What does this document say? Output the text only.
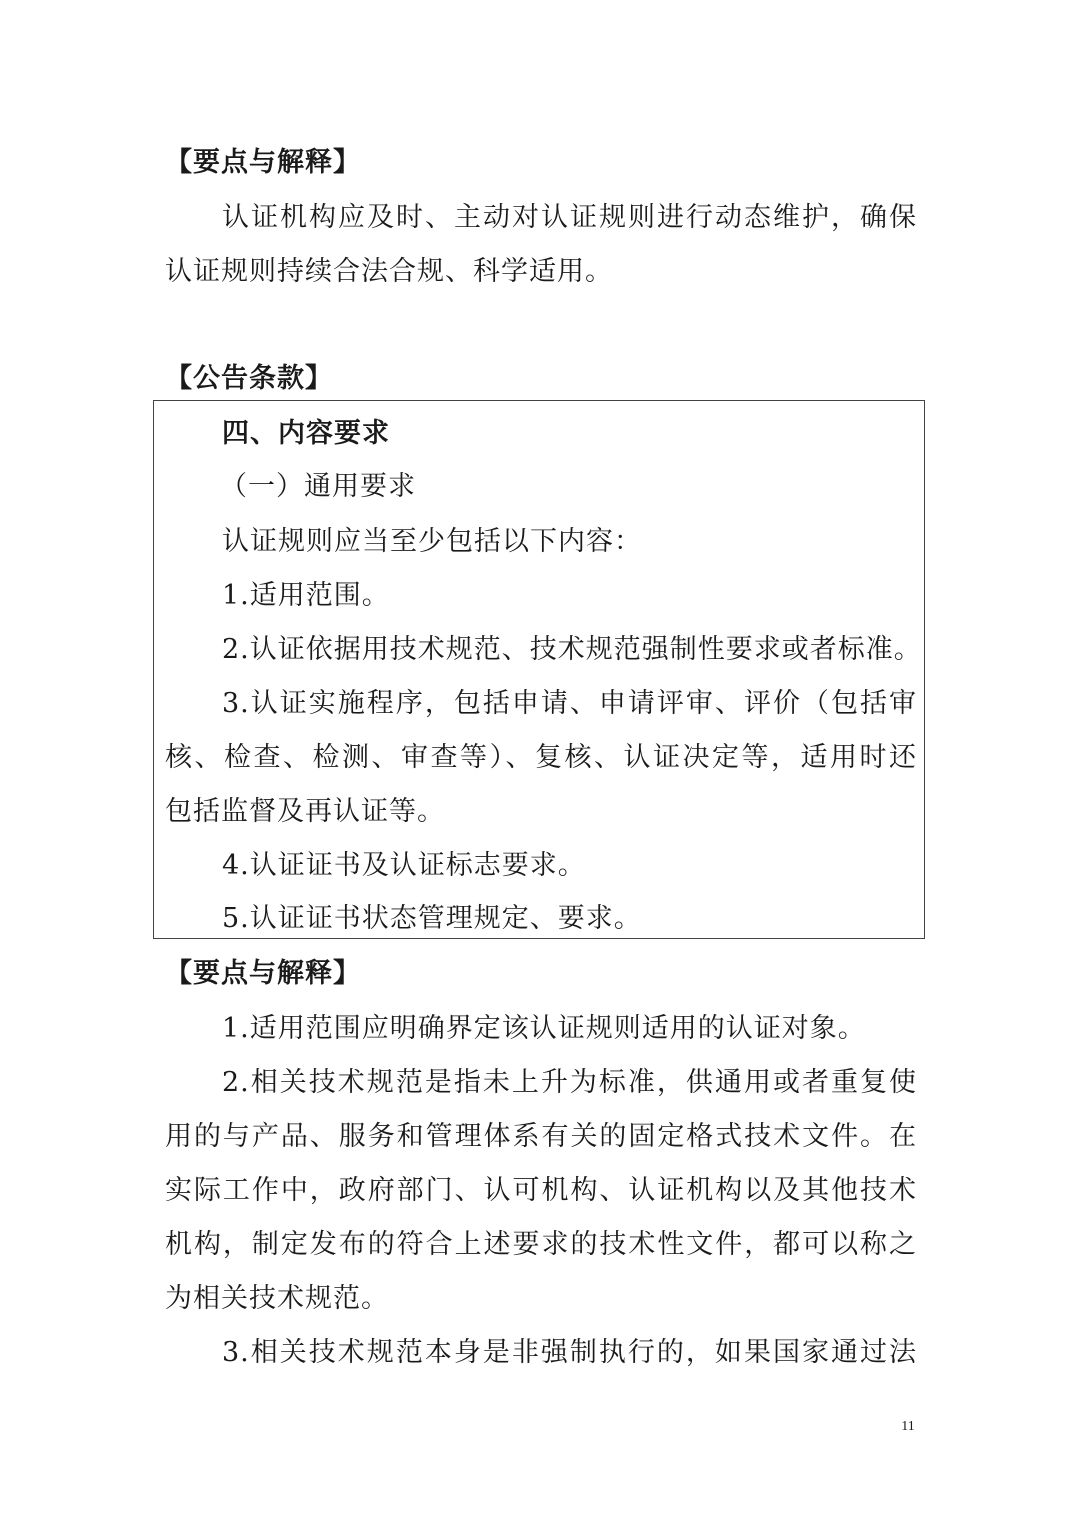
【要点与解释】
认证机构应及时、主动对认证规则进行动态维护，确保
认证规则持续合法合规、科学适用。
【公告条款】
四、内容要求
（一）通用要求
认证规则应当至少包括以下内容：
1.适用范围。
2.认证依据用技术规范、技术规范强制性要求或者标准。
3.认证实施程序，包括申请、申请评审、评价（包括审
核、检查、检测、审查等）、复核、认证决定等，适用时还
包括监督及再认证等。
4.认证证书及认证标志要求。
5.认证证书状态管理规定、要求。
【要点与解释】
1.适用范围应明确界定该认证规则适用的认证对象。
2.相关技术规范是指未上升为标准，供通用或者重复使
用的与产品、服务和管理体系有关的固定格式技术文件。在
实际工作中，政府部门、认可机构、认证机构以及其他技术
机构，制定发布的符合上述要求的技术性文件，都可以称之
为相关技术规范。
3.相关技术规范本身是非强制执行的，如果国家通过法
11
